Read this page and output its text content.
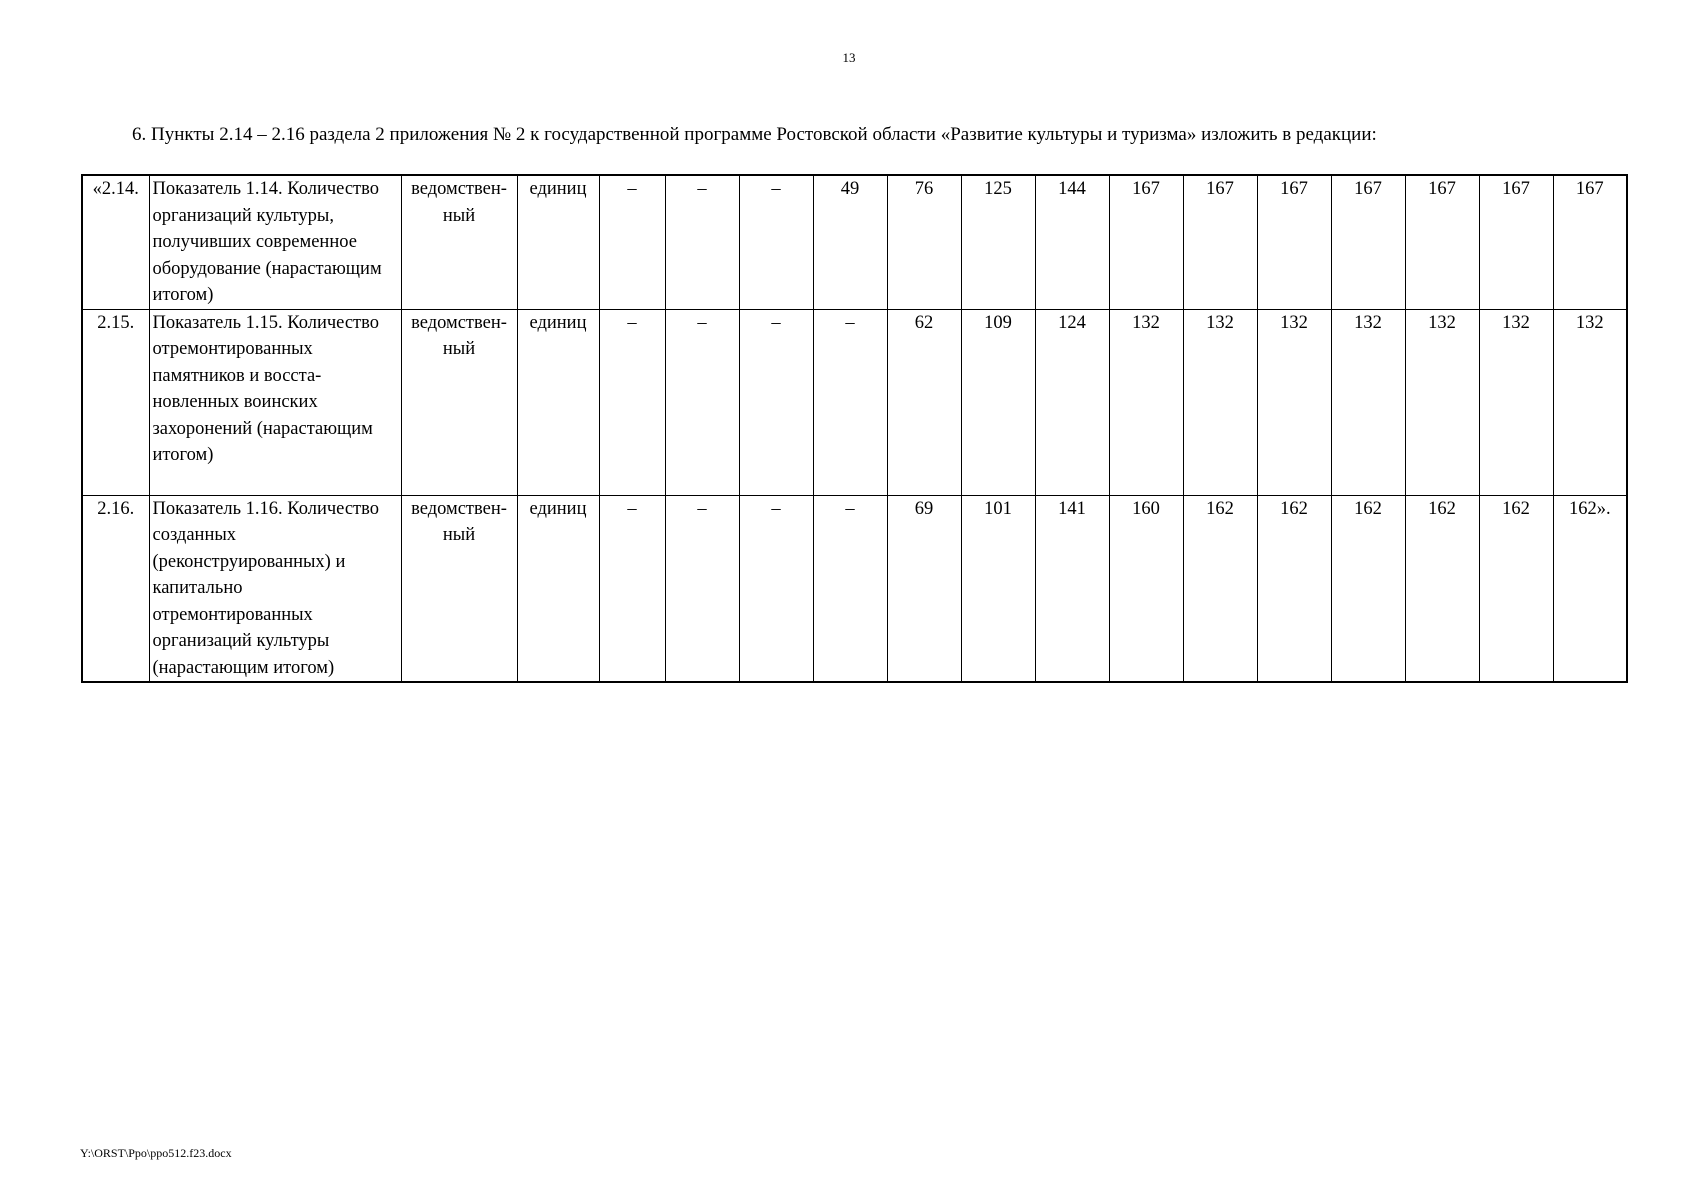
13
6. Пункты 2.14 – 2.16 раздела 2 приложения № 2 к государственной программе Ростовской области «Развитие культуры и туризма» изложить в редакции:
«2.14.	Показатель 1.14. Количество организаций культуры, получивших современное оборудование (нарастающим итогом)	ведомствен-ный	единиц	–	–	–	49	76	125	144	167	167	167	167	167	167	167
2.15.	Показатель 1.15. Количество отремонтированных памятников и восста-новленных воинских захоронений (нарастающим итогом)	ведомствен-ный	единиц	–	–	–	–	62	109	124	132	132	132	132	132	132	132
2.16.	Показатель 1.16. Количество созданных (реконструированных) и капитально отремонтированных организаций культуры (нарастающим итогом)	ведомствен-ный	единиц	–	–	–	–	69	101	141	160	162	162	162	162	162	162».
Y:\ORST\Ppo\ppo512.f23.docx
